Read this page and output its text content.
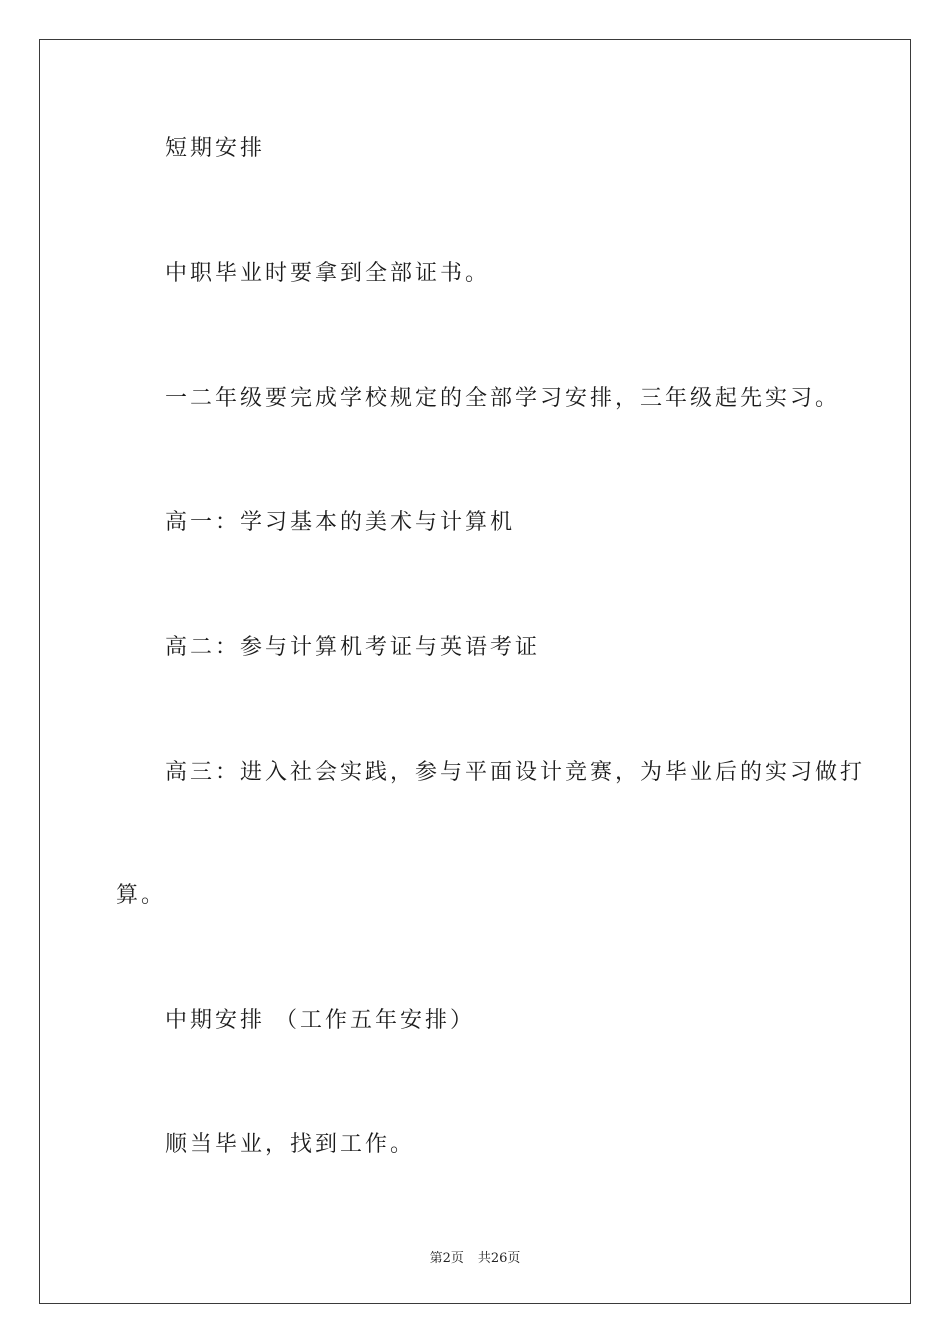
短期安排

中职毕业时要拿到全部证书。

一二年级要完成学校规定的全部学习安排，三年级起先实习。

高一：学习基本的美术与计算机

高二：参与计算机考证与英语考证

高三：进入社会实践，参与平面设计竞赛，为毕业后的实习做打

算。

中期安排 （工作五年安排）

顺当毕业，找到工作。

第2页 共26页
